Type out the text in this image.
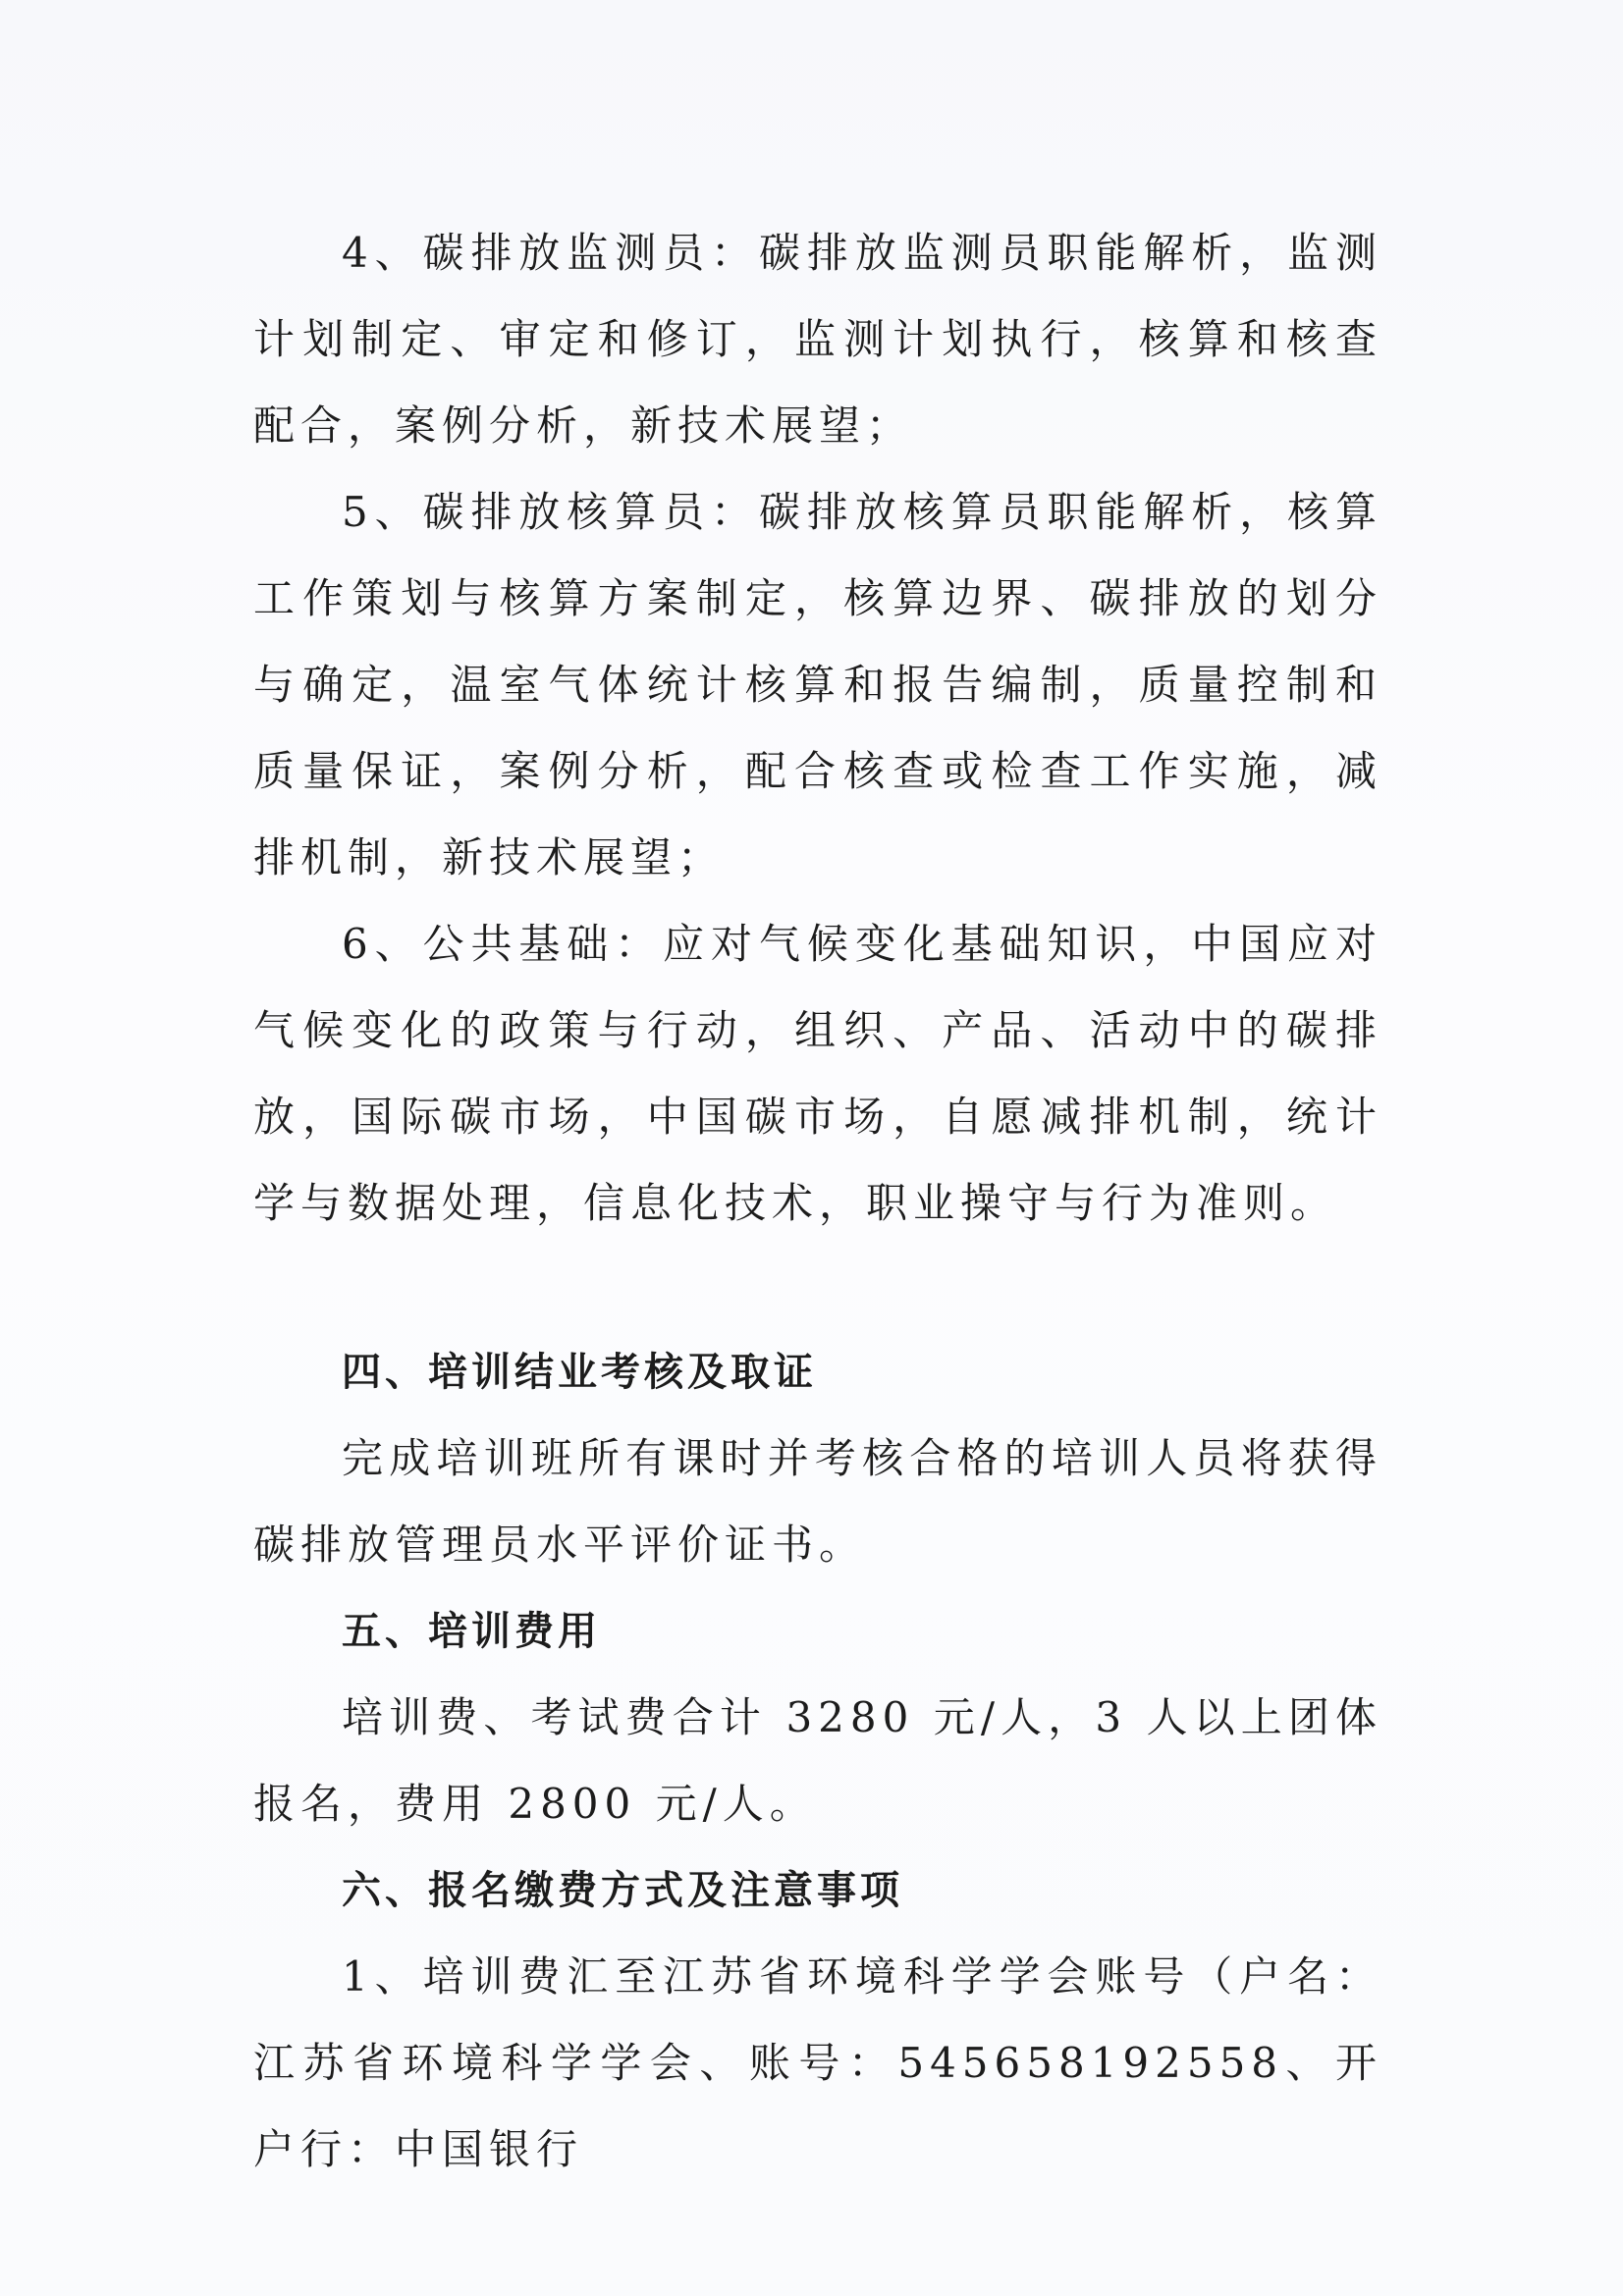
4、碳排放监测员：碳排放监测员职能解析，监测计划制定、审定和修订，监测计划执行，核算和核查配合，案例分析，新技术展望；

5、碳排放核算员：碳排放核算员职能解析，核算工作策划与核算方案制定，核算边界、碳排放的划分与确定，温室气体统计核算和报告编制，质量控制和质量保证，案例分析，配合核查或检查工作实施，减排机制，新技术展望；

6、公共基础：应对气候变化基础知识，中国应对气候变化的政策与行动，组织、产品、活动中的碳排放，国际碳市场，中国碳市场，自愿减排机制，统计学与数据处理，信息化技术，职业操守与行为准则。

四、培训结业考核及取证

完成培训班所有课时并考核合格的培训人员将获得碳排放管理员水平评价证书。

五、培训费用

培训费、考试费合计 3280 元/人，3 人以上团体报名，费用 2800 元/人。

六、报名缴费方式及注意事项

1、培训费汇至江苏省环境科学学会账号（户名：江苏省环境科学学会、账号：545658192558、开户行：中国银行
